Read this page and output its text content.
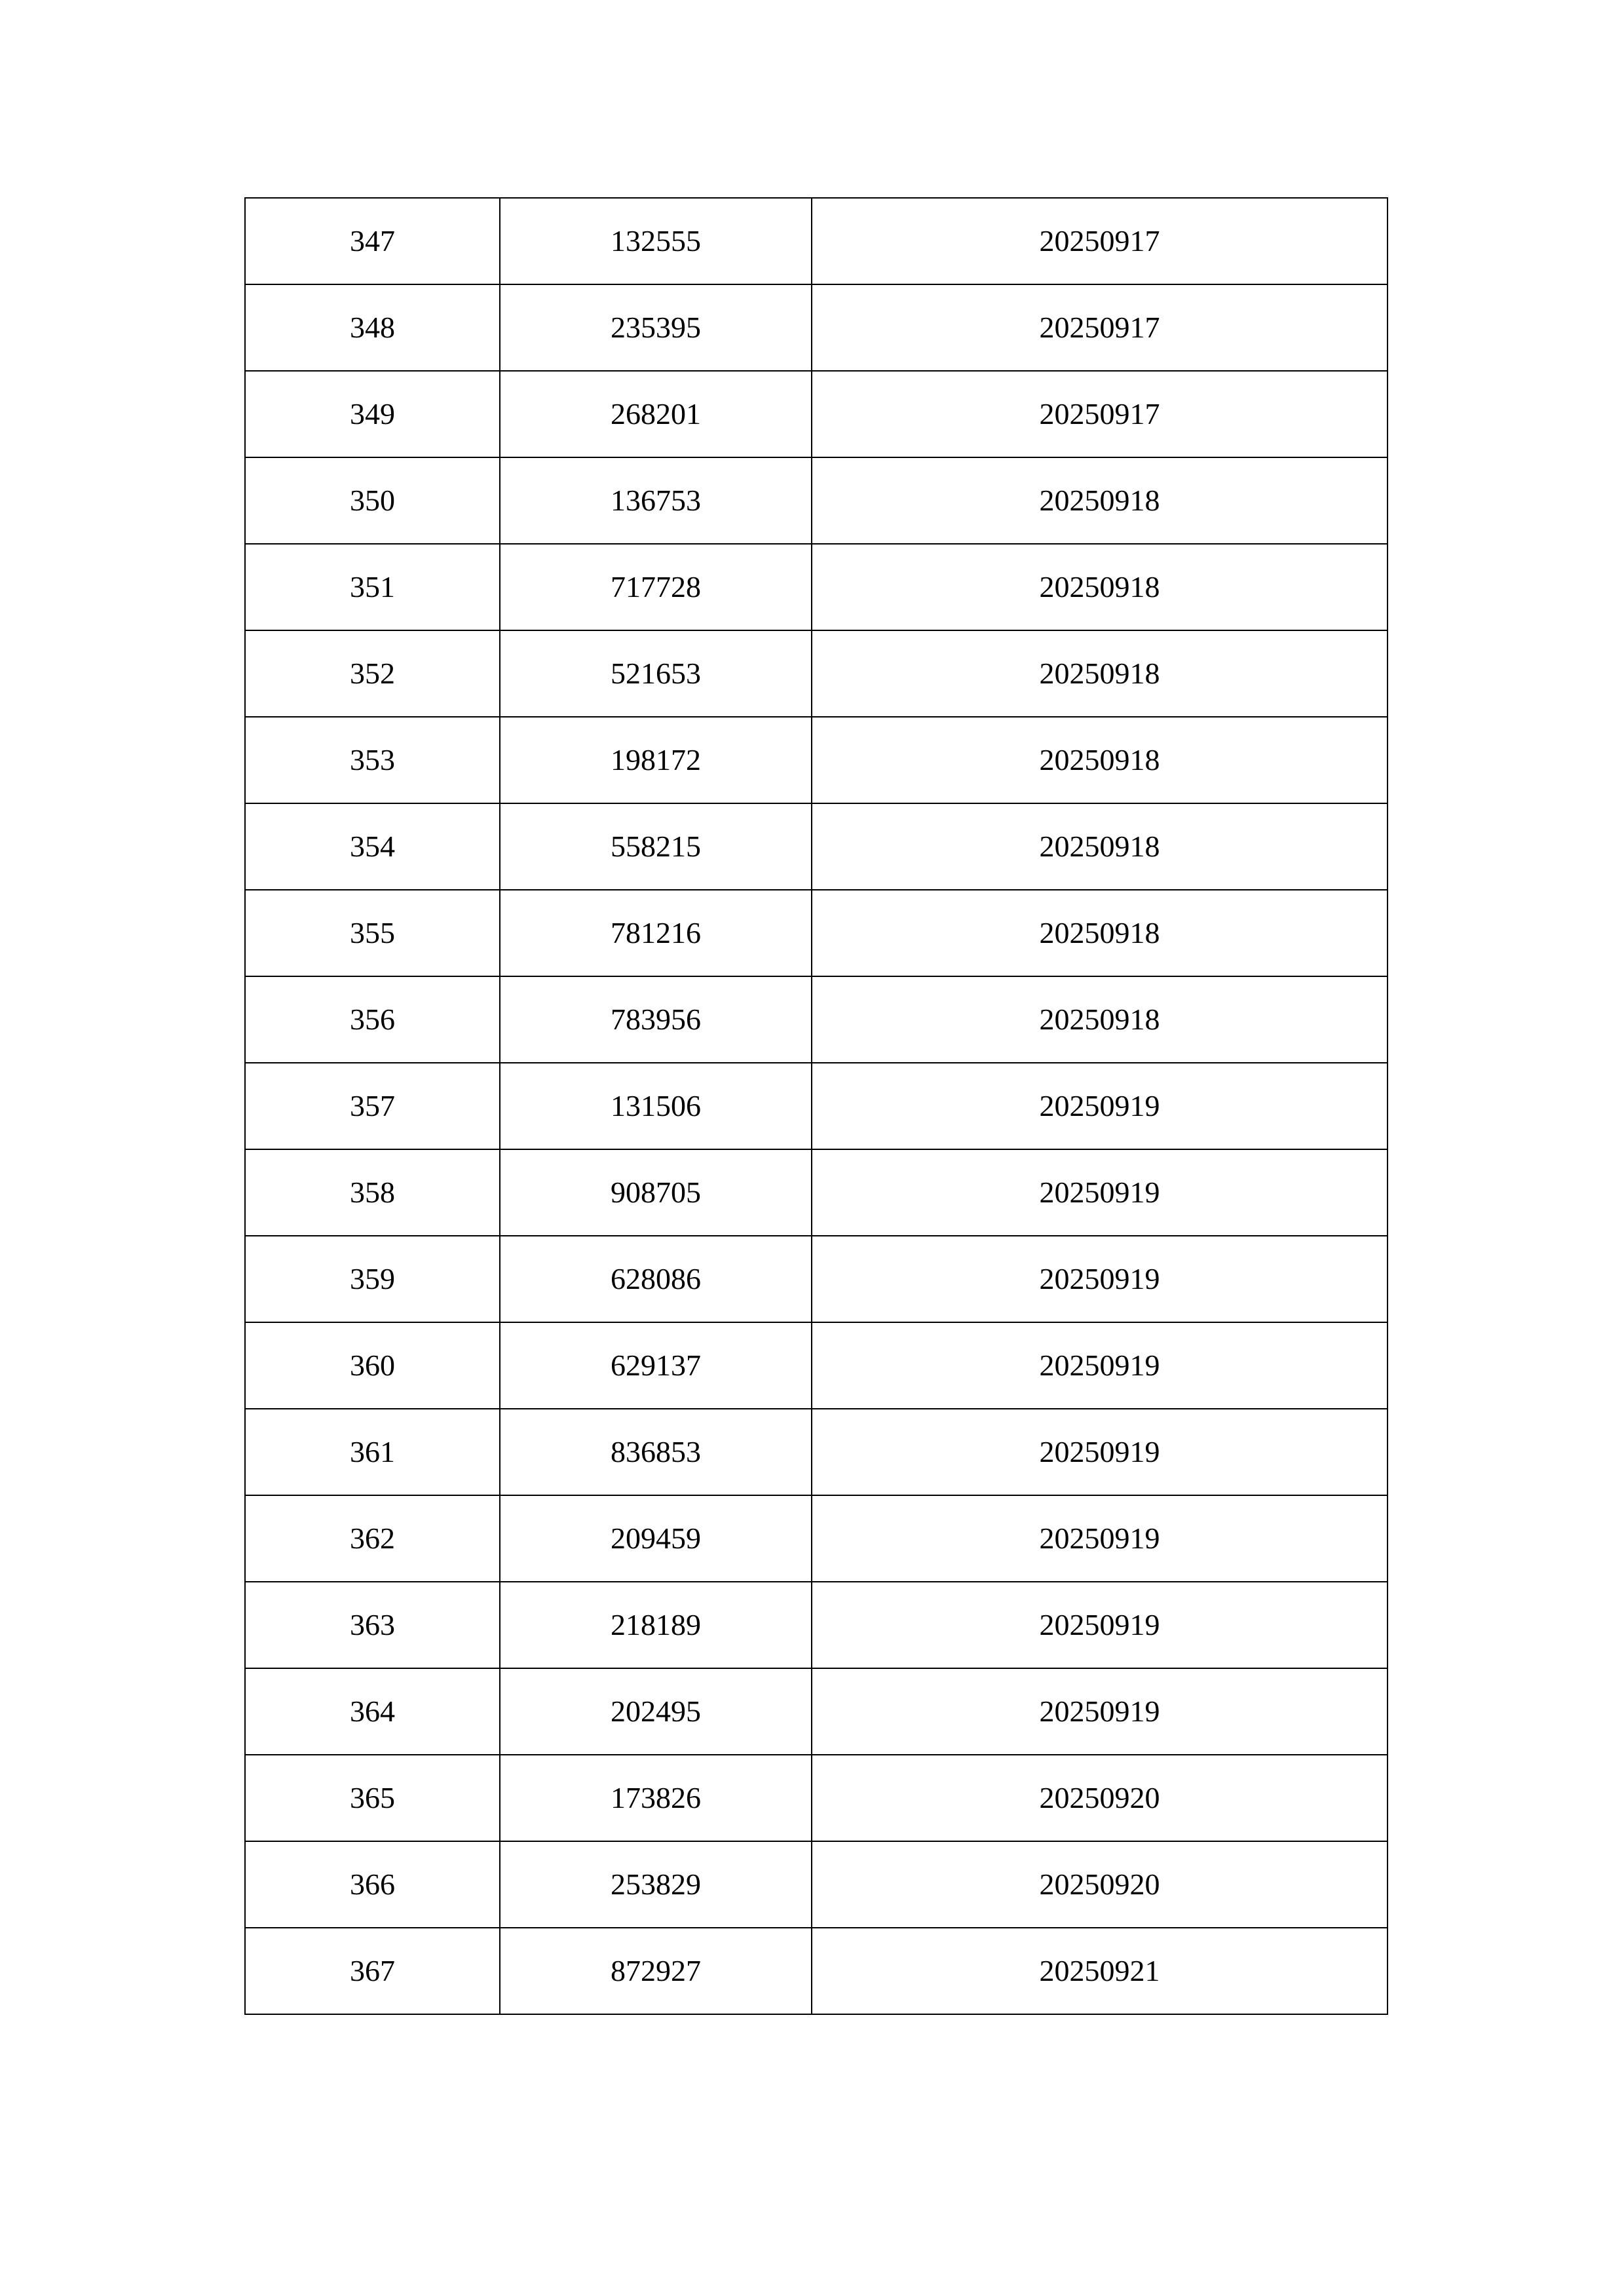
347	132555	20250917
348	235395	20250917
349	268201	20250917
350	136753	20250918
351	717728	20250918
352	521653	20250918
353	198172	20250918
354	558215	20250918
355	781216	20250918
356	783956	20250918
357	131506	20250919
358	908705	20250919
359	628086	20250919
360	629137	20250919
361	836853	20250919
362	209459	20250919
363	218189	20250919
364	202495	20250919
365	173826	20250920
366	253829	20250920
367	872927	20250921
